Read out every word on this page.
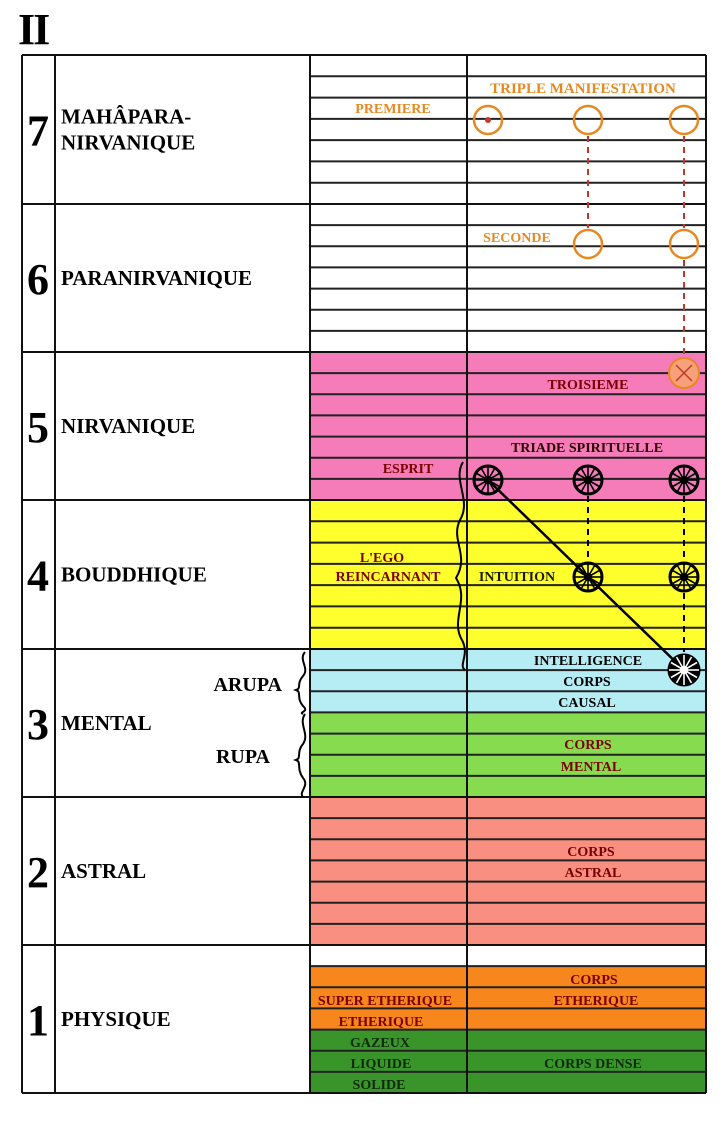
II
7 MAHÂPARA-
NIRVANIQUE
6 PARANIRVANIQUE
5 NIRVANIQUE
4 BOUDDHIQUE
3 MENTAL
2 ASTRAL
1 PHYSIQUE
ARUPA
RUPA
TRIPLE MANIFESTATION
PREMIERE
SECONDE
TROISIEME
TRIADE SPIRITUELLE
ESPRIT
L'EGO
REINCARNANT	INTUITION
INTELLIGENCE
CORPS
CAUSAL
CORPS
MENTAL
CORPS
ASTRAL
CORPS
ETHERIQUE
SUPER ETHERIQUE
ETHERIQUE
GAZEUX
LIQUIDE
SOLIDE
CORPS DENSE
